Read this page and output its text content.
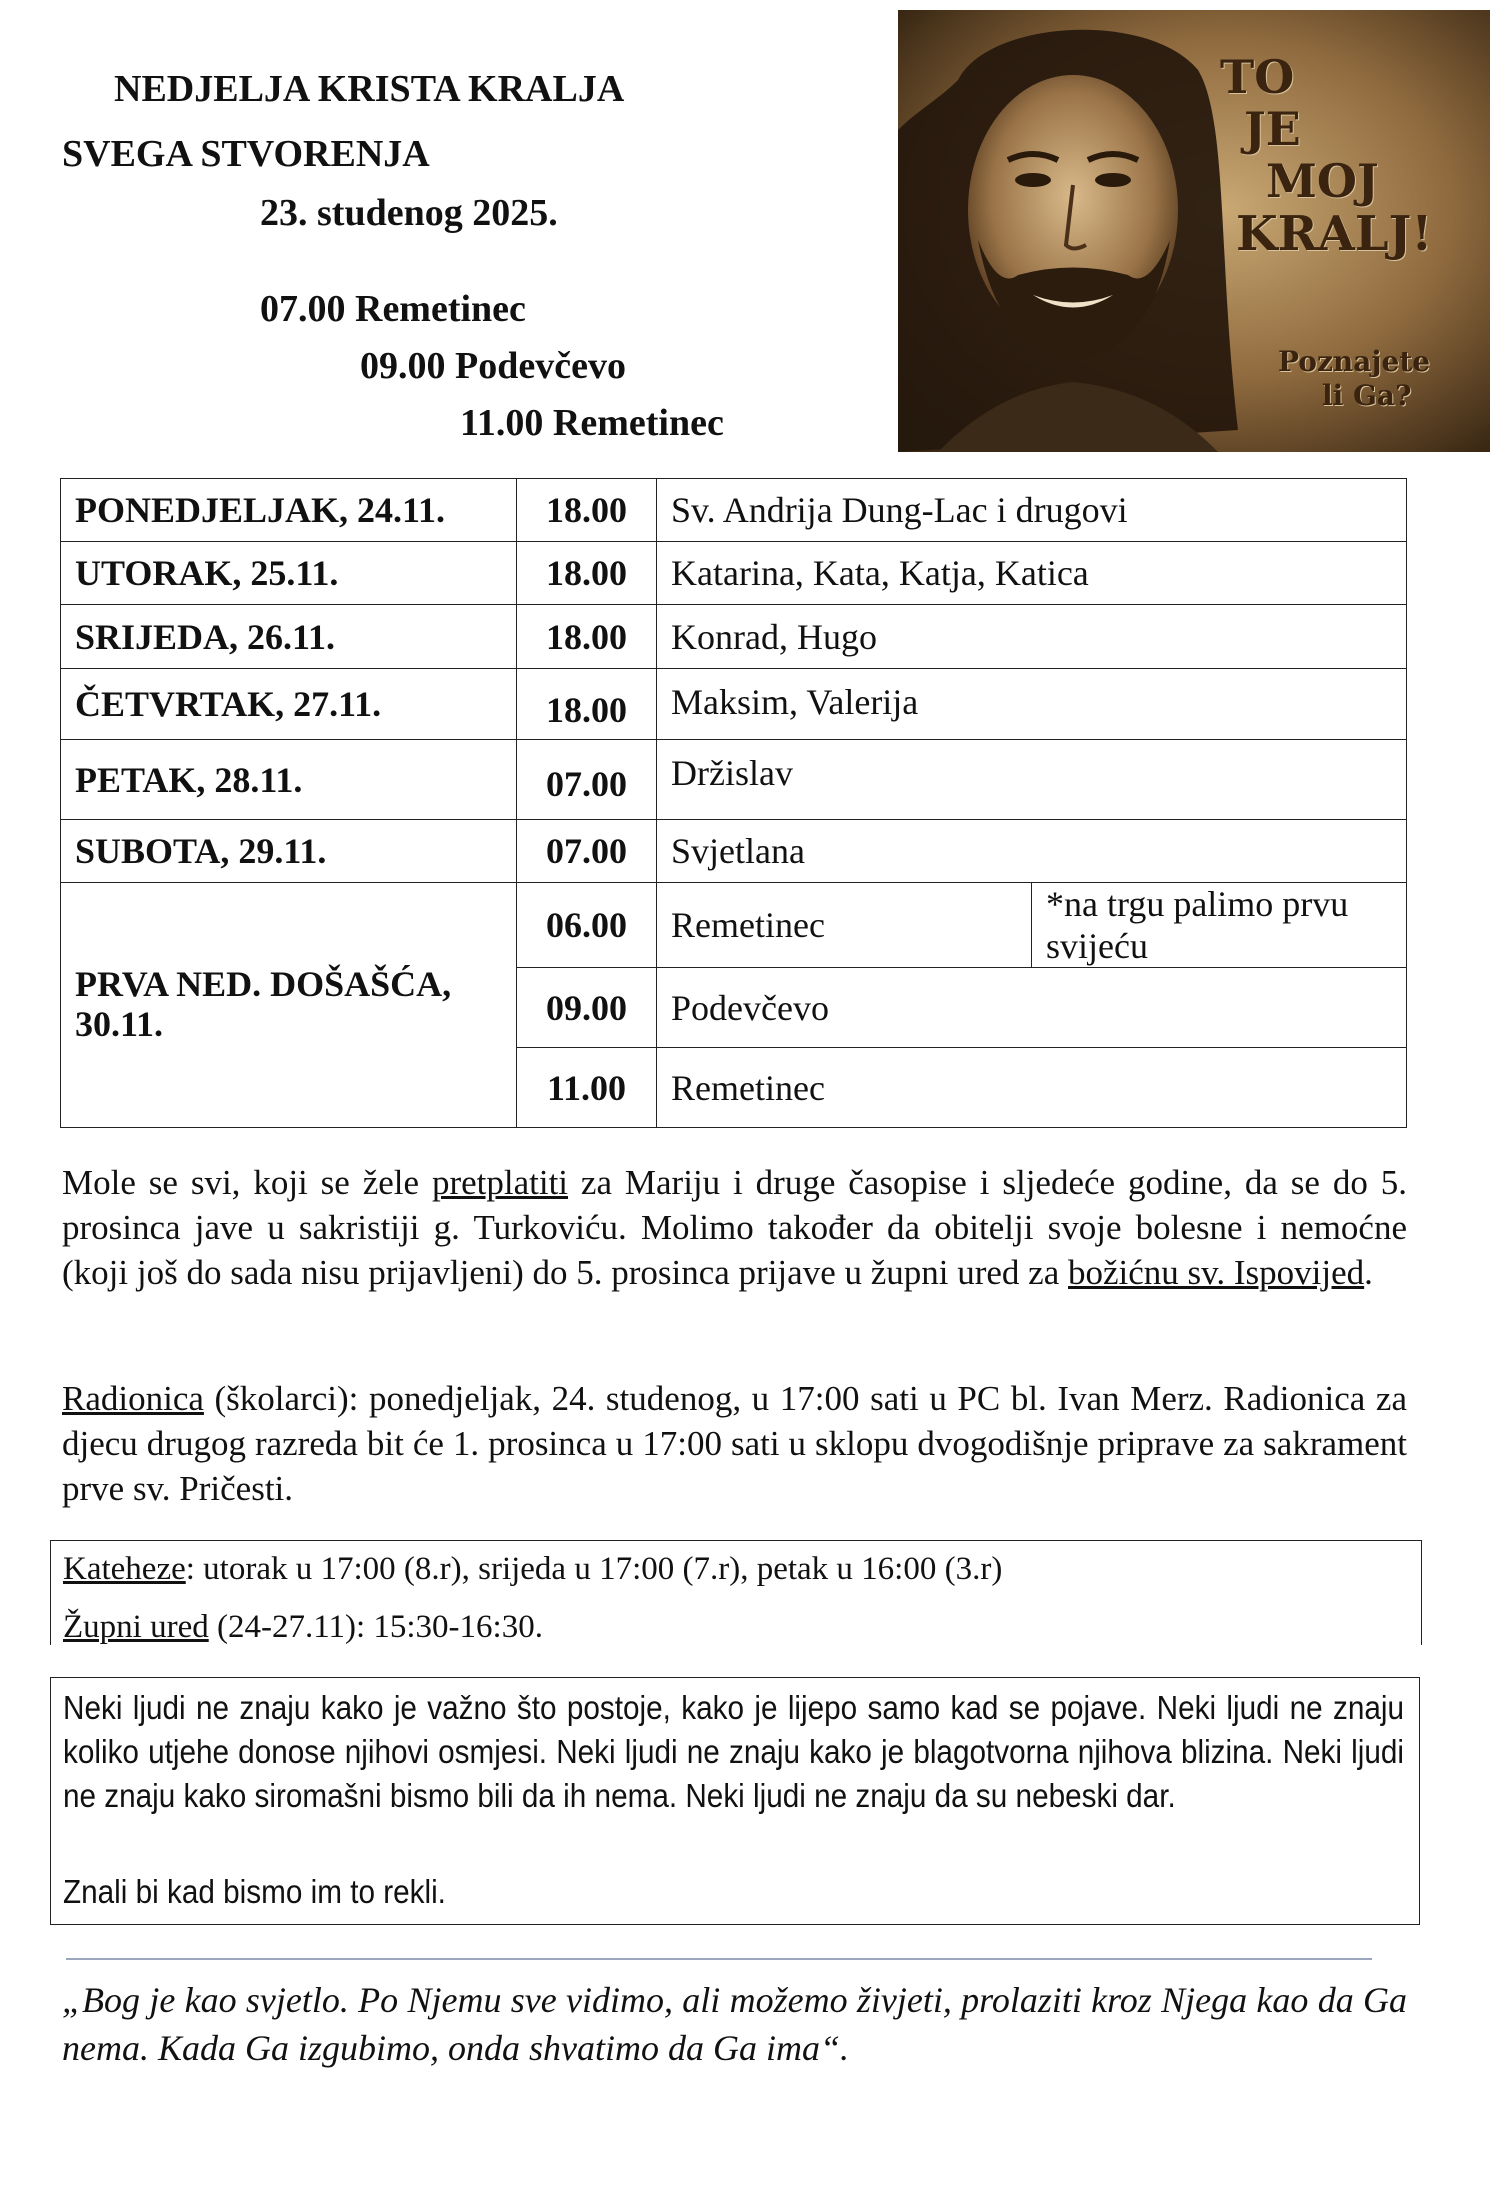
NEDJELJA KRISTA KRALJA
SVEGA STVORENJA
23. studenog 2025.
07.00 Remetinec
09.00 Podevčevo
11.00 Remetinec
TO
JE
MOJ
KRALJ!
Poznajete
li Ga?
PONEDJELJAK, 24.11.	18.00	Sv. Andrija Dung-Lac i drugovi	
UTORAK, 25.11.	18.00	Katarina, Kata, Katja, Katica	
SRIJEDA, 26.11.	18.00	Konrad, Hugo	
ČETVRTAK, 27.11.	18.00	Maksim, Valerija	
PETAK, 28.11.	07.00	Držislav	
SUBOTA, 29.11.	07.00	Svjetlana	
PRVA NED. DOŠAŠĆA, 30.11.	06.00	Remetinec	*na trgu palimo prvu svijeću
	09.00	Podevčevo	
	11.00	Remetinec	
Mole se svi, koji se žele pretplatiti za Mariju i druge časopise i sljedeće godine, da se do 5. prosinca jave u sakristiji g. Turkoviću. Molimo također da obitelji svoje bolesne i nemoćne (koji još do sada nisu prijavljeni) do 5. prosinca prijave u župni ured za božićnu sv. Ispovijed.
Radionica (školarci): ponedjeljak, 24. studenog, u 17:00 sati u PC bl. Ivan Merz. Radionica za djecu drugog razreda bit će 1. prosinca u 17:00 sati u sklopu dvogodišnje priprave za sakrament prve sv. Pričesti.

Kateheze: utorak u 17:00 (8.r), srijeda u 17:00 (7.r), petak u 16:00 (3.r)

Župni ured (24-27.11): 15:30-16:30.

Neki ljudi ne znaju kako je važno što postoje, kako je lijepo samo kad se pojave. Neki ljudi ne znaju koliko utjehe donose njihovi osmjesi. Neki ljudi ne znaju kako je blagotvorna njihova blizina. Neki ljudi ne znaju kako siromašni bismo bili da ih nema. Neki ljudi ne znaju da su nebeski dar.
Znali bi kad bismo im to rekli.
„Bog je kao svjetlo. Po Njemu sve vidimo, ali možemo živjeti, prolaziti kroz Njega kao da Ga nema. Kada Ga izgubimo, onda shvatimo da Ga ima“.
